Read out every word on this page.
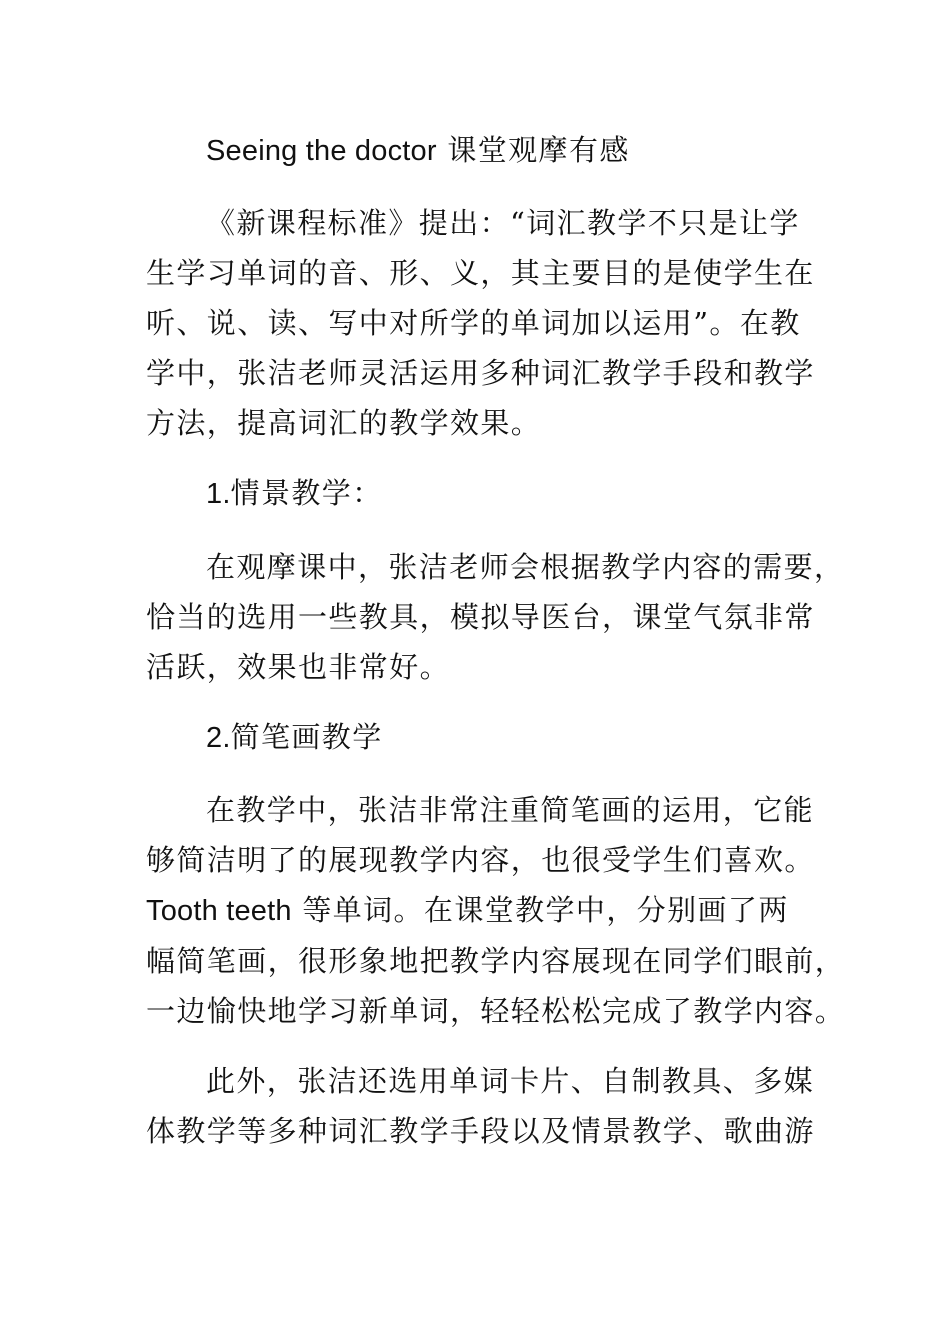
Seeing the doctor 课堂观摩有感
《新课程标准》提出：“词汇教学不只是让学
生学习单词的音、形、义，其主要目的是使学生在
听、说、读、写中对所学的单词加以运用”。在教
学中，张洁老师灵活运用多种词汇教学手段和教学
方法，提高词汇的教学效果。
1.情景教学：
在观摩课中，张洁老师会根据教学内容的需要，
恰当的选用一些教具，模拟导医台，课堂气氛非常
活跃，效果也非常好。
2.简笔画教学
在教学中，张洁非常注重简笔画的运用，它能
够简洁明了的展现教学内容，也很受学生们喜欢。
Tooth teeth 等单词。在课堂教学中，分别画了两
幅简笔画，很形象地把教学内容展现在同学们眼前，
一边愉快地学习新单词，轻轻松松完成了教学内容。
此外，张洁还选用单词卡片、自制教具、多媒
体教学等多种词汇教学手段以及情景教学、歌曲游
